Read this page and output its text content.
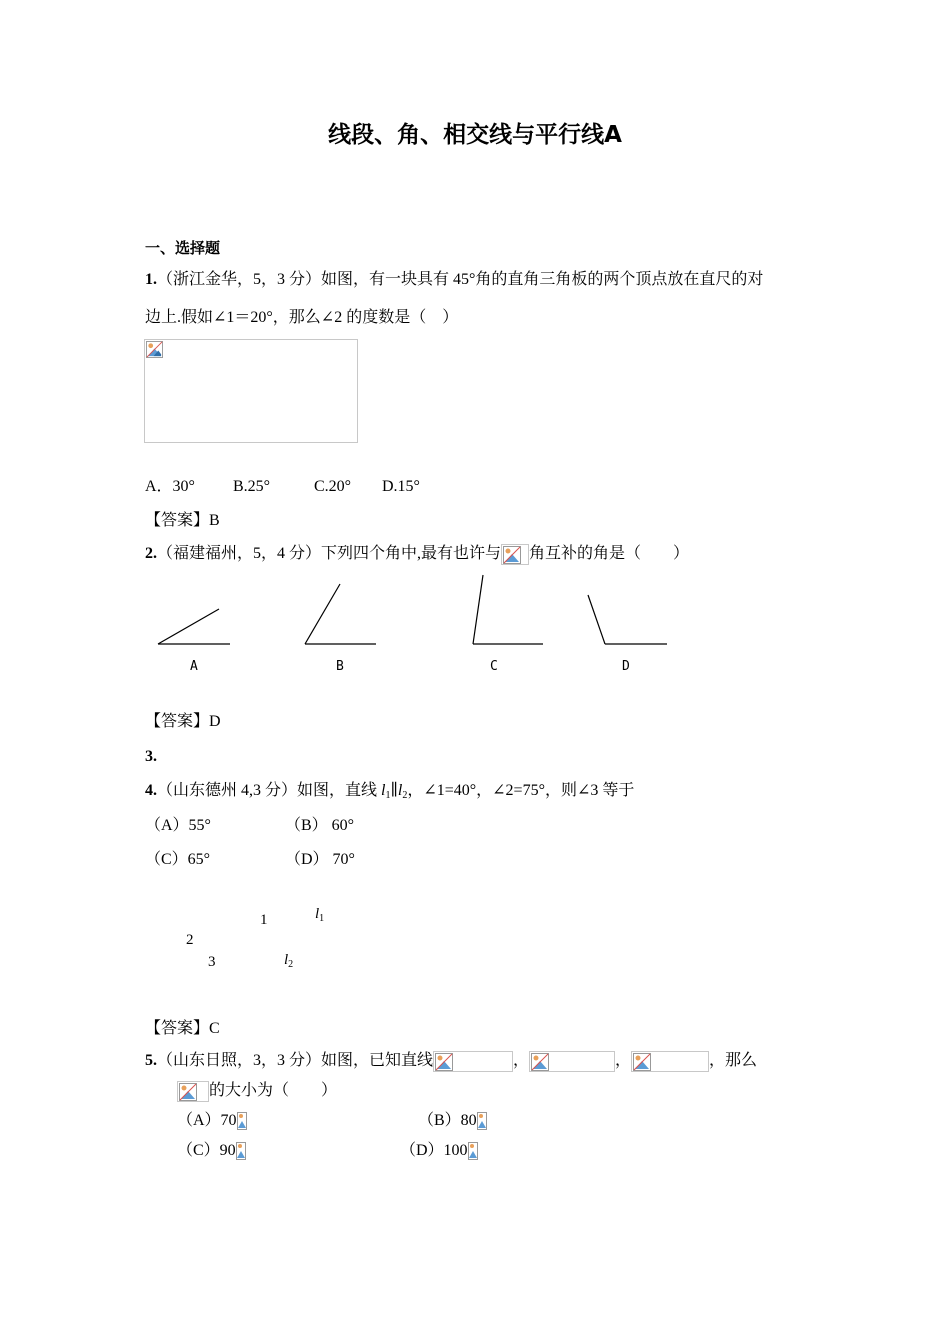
线段、角、相交线与平行线A
一、选择题
1.（浙江金华，5，3 分）如图，有一块具有 45°角的直角三角板的两个顶点放在直尺的对
边上.假如∠1＝20°，那么∠2 的度数是（　）
A．30° B.25°	C.20° D.15°
【答案】B
2.（福建福州，5，4 分）下列四个角中,最有也许与 角互补的角是（　　）
A	B	C	D
【答案】D
3.
4.（山东德州 4,3 分）如图，直线 $l_1\parallel l_2$，∠1=40°，∠2=75°，则∠3 等于
（A）55°	（B） 60°
（C）65°	（D） 70°
1	$l_1$
2
3	$l_2$
【答案】C
5.（山东日照，3，3 分）如图，已知直线	，	，	，那么
的大小为（　　）
（A）70	（B）80
（C）90	（D）100
